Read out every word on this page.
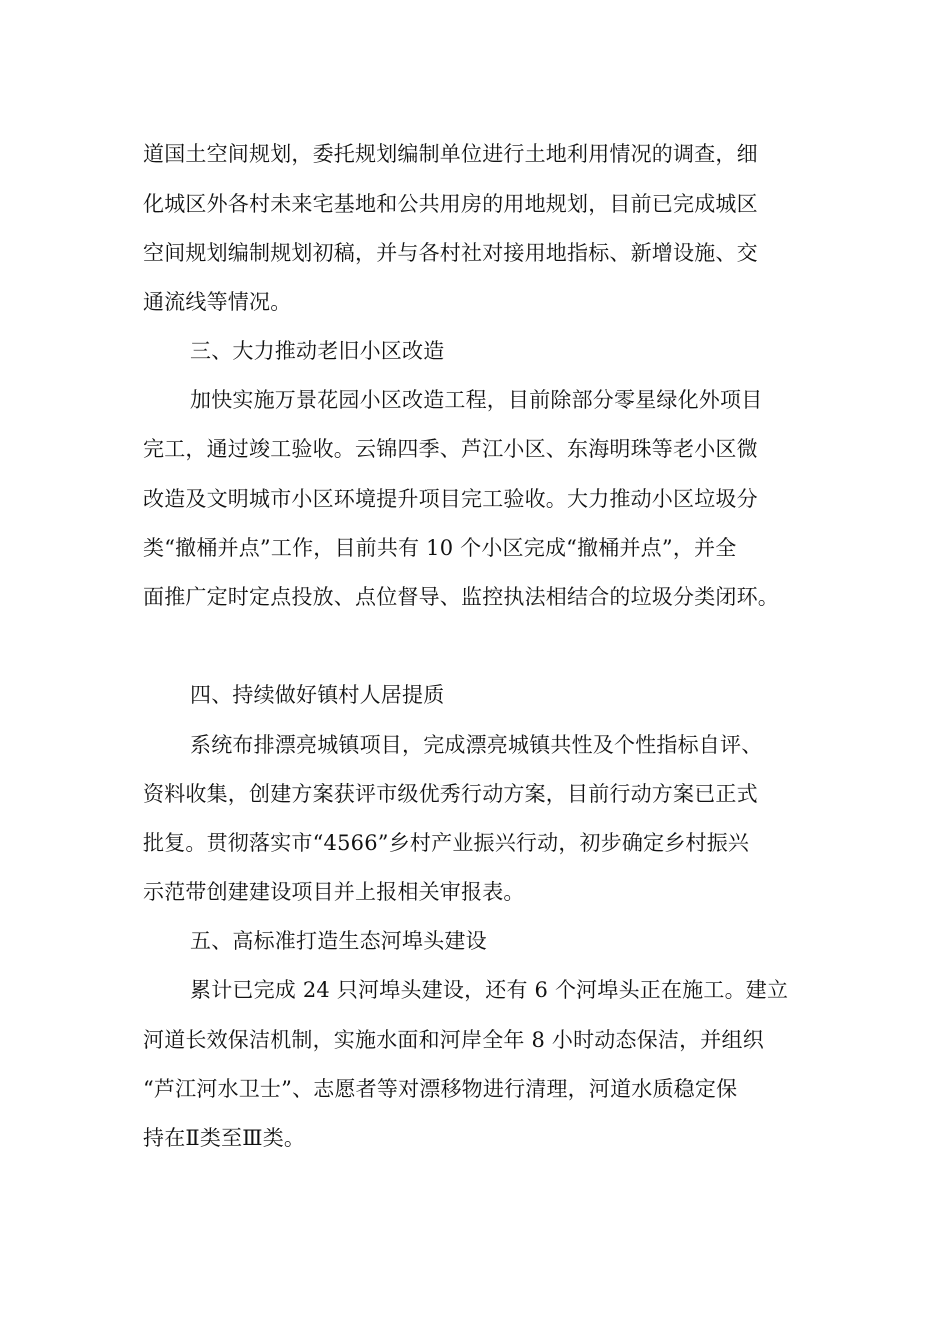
道国土空间规划，委托规划编制单位进行土地利用情况的调查，细
化城区外各村未来宅基地和公共用房的用地规划，目前已完成城区
空间规划编制规划初稿，并与各村社对接用地指标、新增设施、交
通流线等情况。
三、大力推动老旧小区改造
加快实施万景花园小区改造工程，目前除部分零星绿化外项目
完工，通过竣工验收。云锦四季、芦江小区、东海明珠等老小区微
改造及文明城市小区环境提升项目完工验收。大力推动小区垃圾分
类“撤桶并点”工作，目前共有 10 个小区完成“撤桶并点”，并全
面推广定时定点投放、点位督导、监控执法相结合的垃圾分类闭环。
四、持续做好镇村人居提质
系统布排漂亮城镇项目，完成漂亮城镇共性及个性指标自评、
资料收集，创建方案获评市级优秀行动方案，目前行动方案已正式
批复。贯彻落实市“4566”乡村产业振兴行动，初步确定乡村振兴
示范带创建建设项目并上报相关审报表。
五、高标准打造生态河埠头建设
累计已完成 24 只河埠头建设，还有 6 个河埠头正在施工。建立
河道长效保洁机制，实施水面和河岸全年 8 小时动态保洁，并组织
“芦江河水卫士”、志愿者等对漂移物进行清理，河道水质稳定保
持在Ⅱ类至Ⅲ类。
